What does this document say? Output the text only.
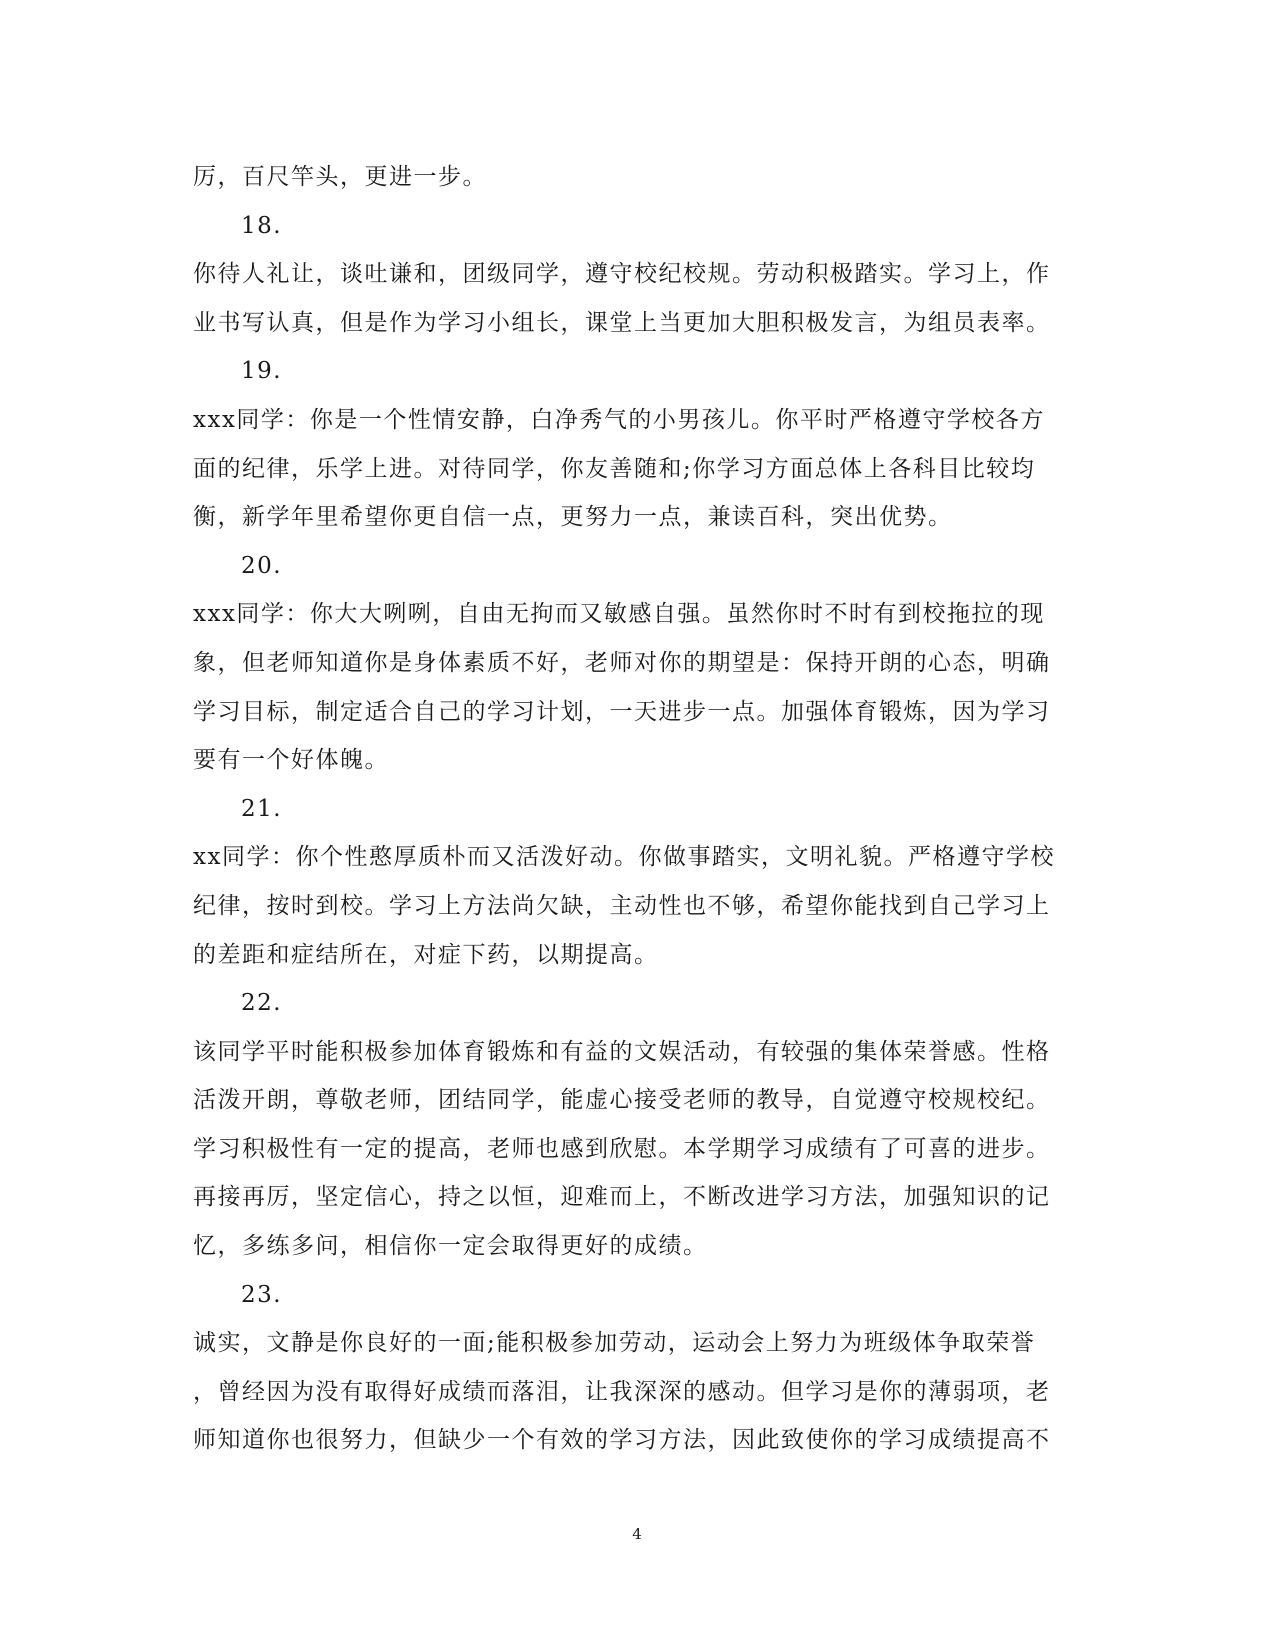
厉，百尺竿头，更进一步。
18.
你待人礼让，谈吐谦和，团级同学，遵守校纪校规。劳动积极踏实。学习上，作
业书写认真，但是作为学习小组长，课堂上当更加大胆积极发言，为组员表率。
19.
xxx同学：你是一个性情安静，白净秀气的小男孩儿。你平时严格遵守学校各方
面的纪律，乐学上进。对待同学，你友善随和;你学习方面总体上各科目比较均
衡，新学年里希望你更自信一点，更努力一点，兼读百科，突出优势。
20.
xxx同学：你大大咧咧，自由无拘而又敏感自强。虽然你时不时有到校拖拉的现
象，但老师知道你是身体素质不好，老师对你的期望是：保持开朗的心态，明确
学习目标，制定适合自己的学习计划，一天进步一点。加强体育锻炼，因为学习
要有一个好体魄。
21.
xx同学：你个性憨厚质朴而又活泼好动。你做事踏实，文明礼貌。严格遵守学校
纪律，按时到校。学习上方法尚欠缺，主动性也不够，希望你能找到自己学习上
的差距和症结所在，对症下药，以期提高。
22.
该同学平时能积极参加体育锻炼和有益的文娱活动，有较强的集体荣誉感。性格
活泼开朗，尊敬老师，团结同学，能虚心接受老师的教导，自觉遵守校规校纪。
学习积极性有一定的提高，老师也感到欣慰。本学期学习成绩有了可喜的进步。
再接再厉，坚定信心，持之以恒，迎难而上，不断改进学习方法，加强知识的记
忆，多练多问，相信你一定会取得更好的成绩。
23.
诚实，文静是你良好的一面;能积极参加劳动，运动会上努力为班级体争取荣誉
，曾经因为没有取得好成绩而落泪，让我深深的感动。但学习是你的薄弱项，老
师知道你也很努力，但缺少一个有效的学习方法，因此致使你的学习成绩提高不
4
